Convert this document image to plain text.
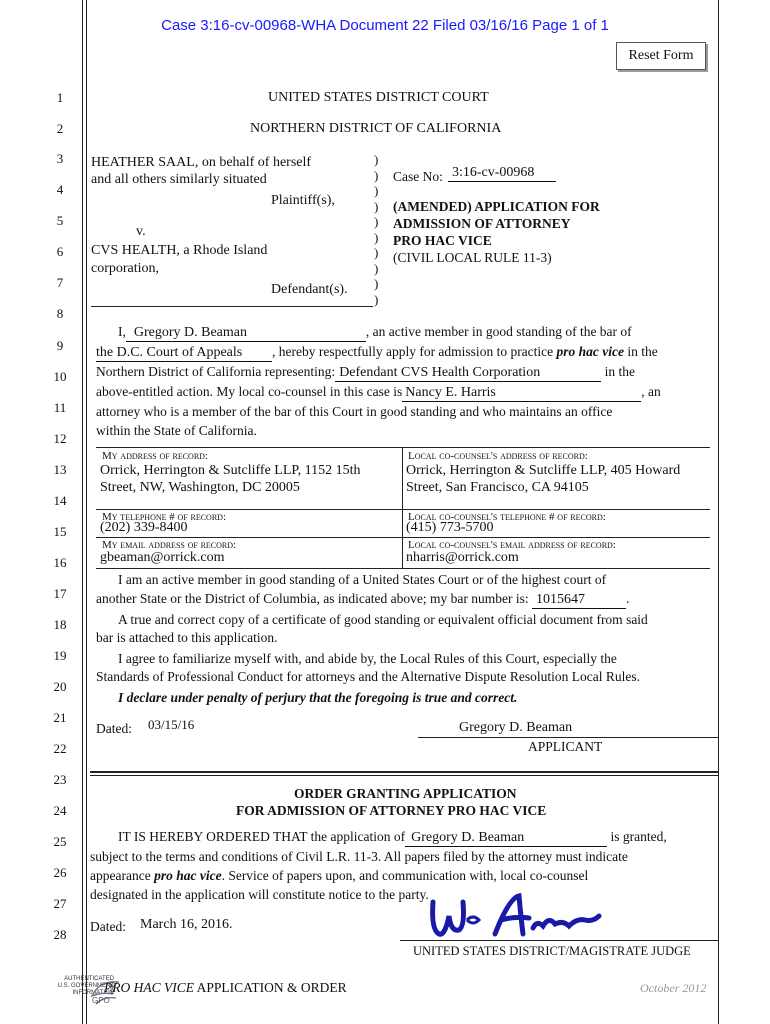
Case 3:16-cv-00968-WHA Document 22 Filed 03/16/16 Page 1 of 1
Reset Form
1
2
3
4
5
6
7
8
9
10
11
12
13
14
15
16
17
18
19
20
21
22
23
24
25
26
27
28
UNITED STATES DISTRICT COURT
NORTHERN DISTRICT OF CALIFORNIA
HEATHER SAAL, on behalf of herself
and all others similarly situated
Plaintiff(s),
v.
CVS HEALTH, a Rhode Island
corporation,
Defendant(s).
)
)
)
)
)
)
)
)
)
)
Case No: 3:16-cv-00968
(AMENDED) APPLICATION FOR
ADMISSION OF ATTORNEY
PRO HAC VICE
(CIVIL LOCAL RULE 11-3)
I, Gregory D. Beaman	, an active member in good standing of the bar of
the D.C. Court of Appeals , hereby respectfully apply for admission to practice pro hac vice in the
Northern District of California representing: Defendant CVS Health Corporation	in the
above-entitled action. My local co-counsel in this case is Nancy E. Harris	, an
attorney who is a member of the bar of this Court in good standing and who maintains an office
within the State of California.
My address of record:
Orrick, Herrington & Sutcliffe LLP, 1152 15th
Street, NW, Washington, DC 20005
Local co-counsel's address of record:
Orrick, Herrington & Sutcliffe LLP, 405 Howard
Street, San Francisco, CA 94105
My telephone # of record:
(202) 339-8400
Local co-counsel's telephone # of record:
(415) 773-5700
My email address of record:
gbeaman@orrick.com
Local co-counsel's email address of record:
nharris@orrick.com
I am an active member in good standing of a United States Court or of the highest court of
another State or the District of Columbia, as indicated above; my bar number is: 1015647	.
A true and correct copy of a certificate of good standing or equivalent official document from said
bar is attached to this application.
I agree to familiarize myself with, and abide by, the Local Rules of this Court, especially the
Standards of Professional Conduct for attorneys and the Alternative Dispute Resolution Local Rules.
I declare under penalty of perjury that the foregoing is true and correct.
Dated: 03/15/16	Gregory D. Beaman
APPLICANT
ORDER GRANTING APPLICATION
FOR ADMISSION OF ATTORNEY PRO HAC VICE
IT IS HEREBY ORDERED THAT the application of Gregory D. Beaman	is granted,
subject to the terms and conditions of Civil L.R. 11-3. All papers filed by the attorney must indicate
appearance pro hac vice. Service of papers upon, and communication with, local co-counsel
designated in the application will constitute notice to the party.
Dated: March 16, 2016.
UNITED STATES DISTRICT/MAGISTRATE JUDGE
AUTHENTICATED
U.S. GOVERNMENT
INFORMATION
GPO
PRO HAC VICE APPLICATION & ORDER	October 2012
